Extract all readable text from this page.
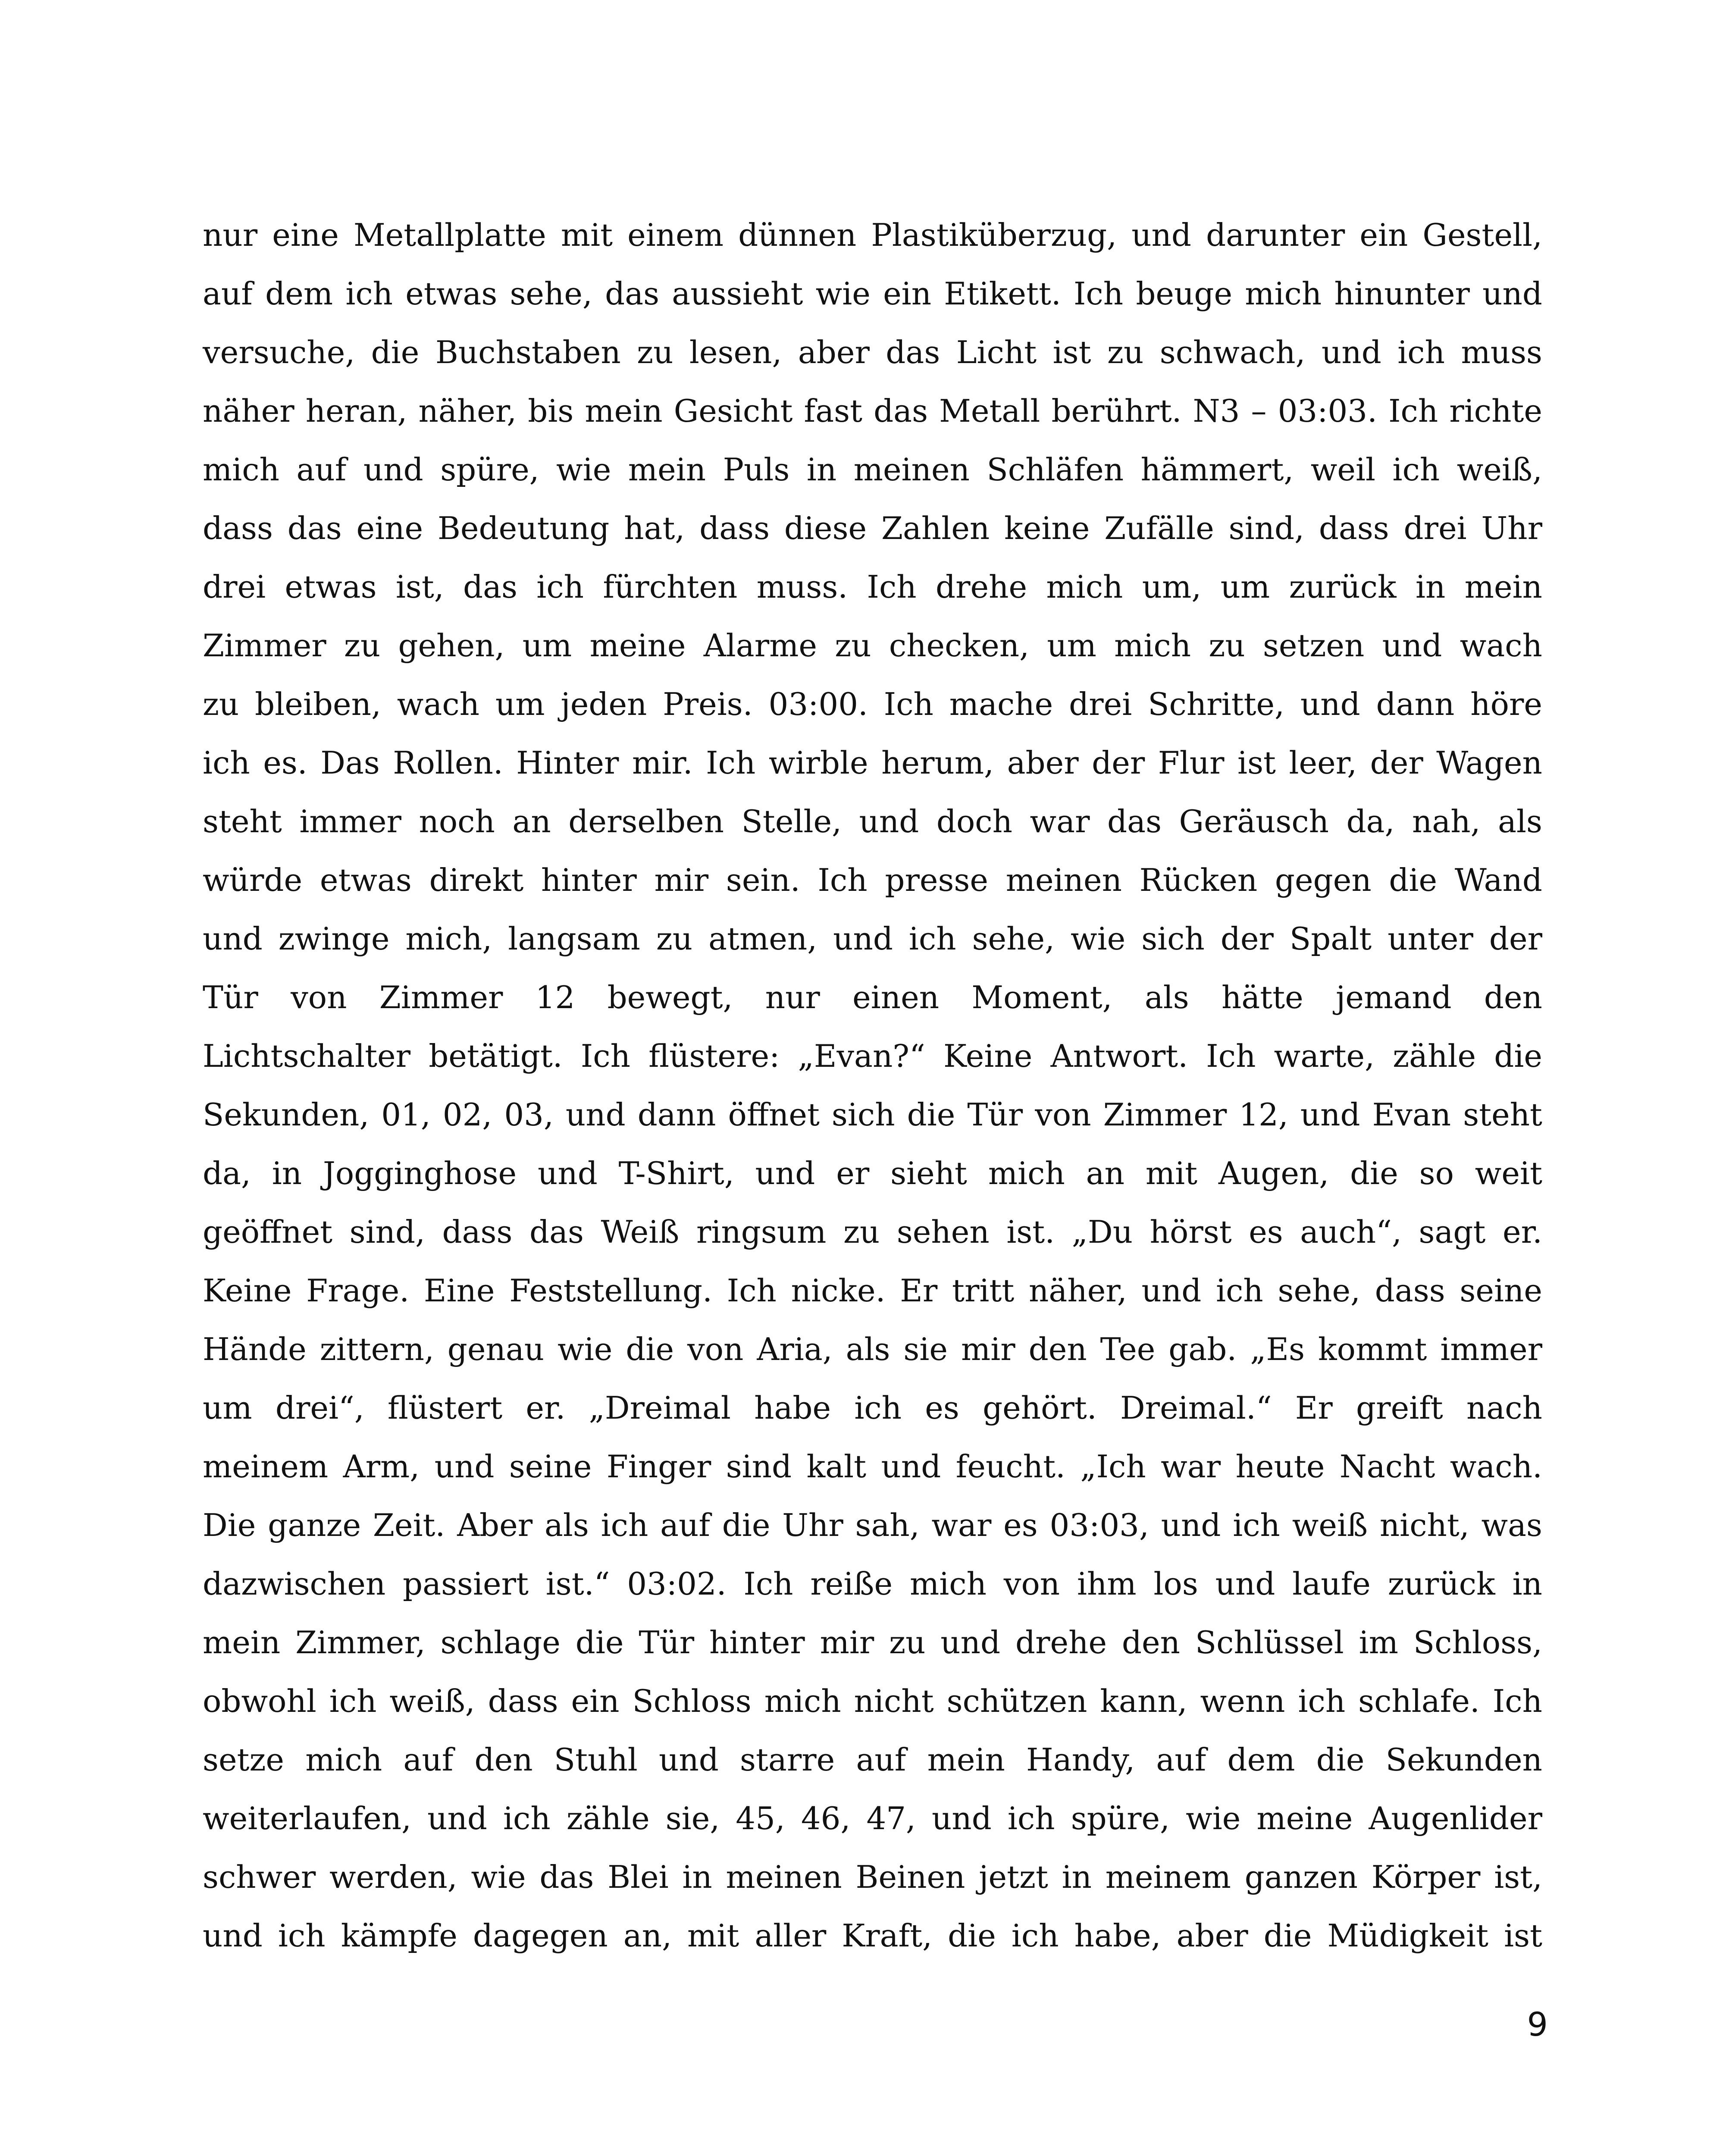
nur eine Metallplatte mit einem dünnen Plastiküberzug, und darunter ein Gestell,
auf dem ich etwas sehe, das aussieht wie ein Etikett. Ich beuge mich hinunter und
versuche, die Buchstaben zu lesen, aber das Licht ist zu schwach, und ich muss
näher heran, näher, bis mein Gesicht fast das Metall berührt. N3 – 03:03. Ich richte
mich auf und spüre, wie mein Puls in meinen Schläfen hämmert, weil ich weiß,
dass das eine Bedeutung hat, dass diese Zahlen keine Zufälle sind, dass drei Uhr
drei etwas ist, das ich fürchten muss. Ich drehe mich um, um zurück in mein
Zimmer zu gehen, um meine Alarme zu checken, um mich zu setzen und wach
zu bleiben, wach um jeden Preis. 03:00. Ich mache drei Schritte, und dann höre
ich es. Das Rollen. Hinter mir. Ich wirble herum, aber der Flur ist leer, der Wagen
steht immer noch an derselben Stelle, und doch war das Geräusch da, nah, als
würde etwas direkt hinter mir sein. Ich presse meinen Rücken gegen die Wand
und zwinge mich, langsam zu atmen, und ich sehe, wie sich der Spalt unter der
Tür von Zimmer 12 bewegt, nur einen Moment, als hätte jemand den
Lichtschalter betätigt. Ich flüstere: „Evan?“ Keine Antwort. Ich warte, zähle die
Sekunden, 01, 02, 03, und dann öffnet sich die Tür von Zimmer 12, und Evan steht
da, in Jogginghose und T-Shirt, und er sieht mich an mit Augen, die so weit
geöffnet sind, dass das Weiß ringsum zu sehen ist. „Du hörst es auch“, sagt er.
Keine Frage. Eine Feststellung. Ich nicke. Er tritt näher, und ich sehe, dass seine
Hände zittern, genau wie die von Aria, als sie mir den Tee gab. „Es kommt immer
um drei“, flüstert er. „Dreimal habe ich es gehört. Dreimal.“ Er greift nach
meinem Arm, und seine Finger sind kalt und feucht. „Ich war heute Nacht wach.
Die ganze Zeit. Aber als ich auf die Uhr sah, war es 03:03, und ich weiß nicht, was
dazwischen passiert ist.“ 03:02. Ich reiße mich von ihm los und laufe zurück in
mein Zimmer, schlage die Tür hinter mir zu und drehe den Schlüssel im Schloss,
obwohl ich weiß, dass ein Schloss mich nicht schützen kann, wenn ich schlafe. Ich
setze mich auf den Stuhl und starre auf mein Handy, auf dem die Sekunden
weiterlaufen, und ich zähle sie, 45, 46, 47, und ich spüre, wie meine Augenlider
schwer werden, wie das Blei in meinen Beinen jetzt in meinem ganzen Körper ist,
und ich kämpfe dagegen an, mit aller Kraft, die ich habe, aber die Müdigkeit ist
9
